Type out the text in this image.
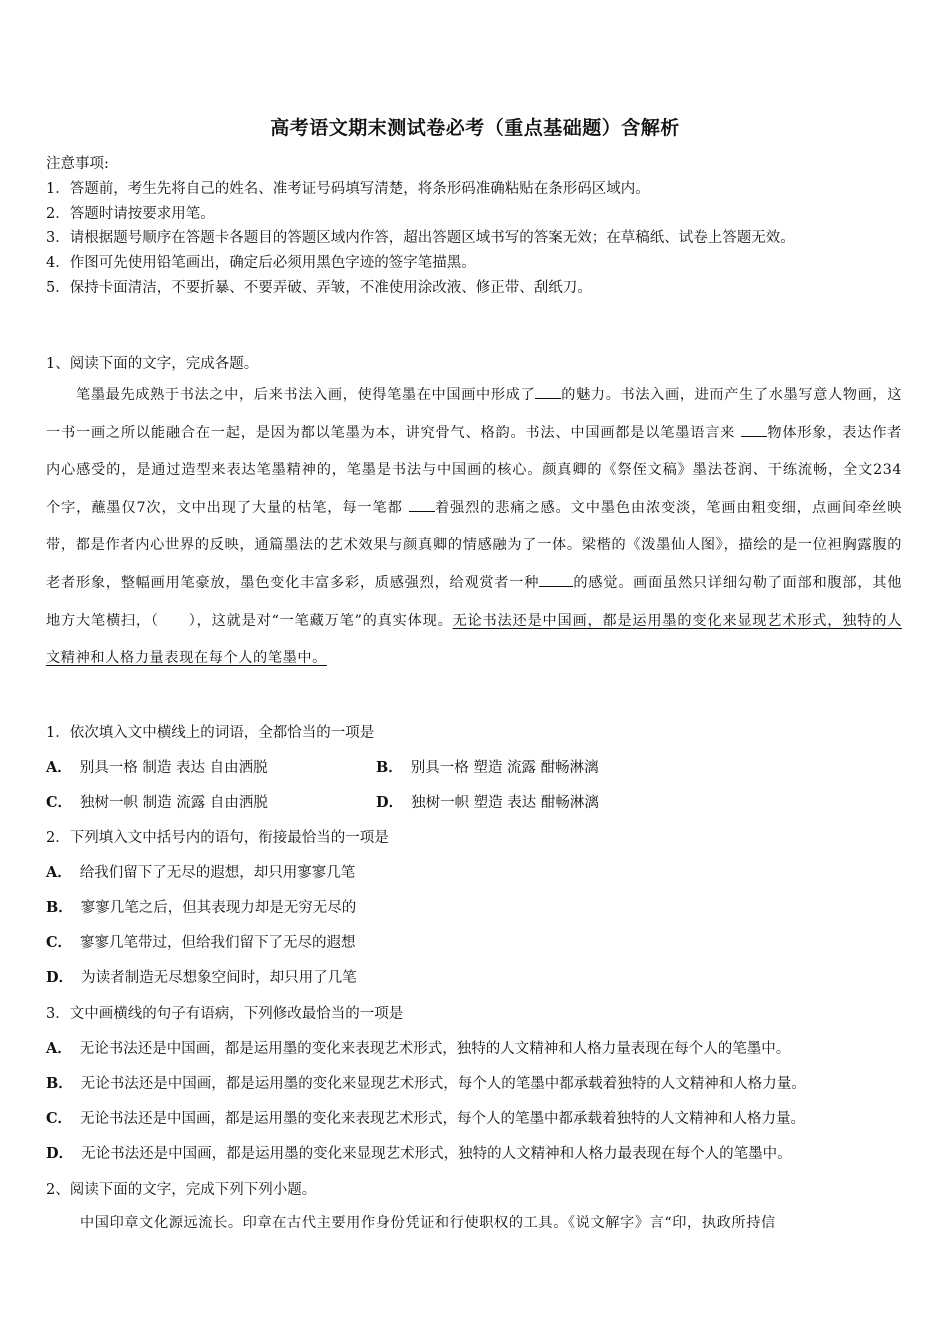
高考语文期末测试卷必考（重点基础题）含解析
注意事项:
1．答题前，考生先将自己的姓名、准考证号码填写清楚，将条形码准确粘贴在条形码区域内。
2．答题时请按要求用笔。
3．请根据题号顺序在答题卡各题目的答题区域内作答，超出答题区域书写的答案无效；在草稿纸、试卷上答题无效。
4．作图可先使用铅笔画出，确定后必须用黑色字迹的签字笔描黑。
5．保持卡面清洁，不要折暴、不要弄破、弄皱，不准使用涂改液、修正带、刮纸刀。
1、阅读下面的文字，完成各题。
笔墨最先成熟于书法之中，后来书法入画，使得笔墨在中国画中形成了 的魅力。书法入画，进而产生了水墨写意人物画，这一书一画之所以能融合在一起，是因为都以笔墨为本，讲究骨气、格韵。书法、中国画都是以笔墨语言来 物体形象，表达作者内心感受的，是通过造型来表达笔墨精神的，笔墨是书法与中国画的核心。颜真卿的《祭侄文稿》墨法苍润、干练流畅，全文234个字，蘸墨仅7次，文中出现了大量的枯笔，每一笔都 着强烈的悲痛之感。文中墨色由浓变淡，笔画由粗变细，点画间牵丝映带，都是作者内心世界的反映，通篇墨法的艺术效果与颜真卿的情感融为了一体。梁楷的《泼墨仙人图》，描绘的是一位袒胸露腹的老者形象，整幅画用笔豪放，墨色变化丰富多彩，质感强烈，给观赏者一种 的感觉。画面虽然只详细勾勒了面部和腹部，其他地方大笔横扫，（　　），这就是对“一笔藏万笔”的真实体现。无论书法还是中国画，都是运用墨的变化来显现艺术形式，独特的人文精神和人格力量表现在每个人的笔墨中。
1．依次填入文中横线上的词语，全都恰当的一项是
A． 别具一格 制造 表达 自由洒脱	B． 别具一格 塑造 流露 酣畅淋漓
C． 独树一帜 制造 流露 自由洒脱	D． 独树一帜 塑造 表达 酣畅淋漓
2．下列填入文中括号内的语句，衔接最恰当的一项是
A． 给我们留下了无尽的遐想，却只用寥寥几笔
B． 寥寥几笔之后，但其表现力却是无穷无尽的
C． 寥寥几笔带过，但给我们留下了无尽的遐想
D． 为读者制造无尽想象空间时，却只用了几笔
3．文中画横线的句子有语病，下列修改最恰当的一项是
A． 无论书法还是中国画，都是运用墨的变化来表现艺术形式，独特的人文精神和人格力量表现在每个人的笔墨中。
B． 无论书法还是中国画，都是运用墨的变化来显现艺术形式，每个人的笔墨中都承载着独特的人文精神和人格力量。
C． 无论书法还是中国画，都是运用墨的变化来表现艺术形式，每个人的笔墨中都承载着独特的人文精神和人格力量。
D． 无论书法还是中国画，都是运用墨的变化来显现艺术形式，独特的人文精神和人格力最表现在每个人的笔墨中。
2、阅读下面的文字，完成下列下列小题。
中国印章文化源远流长。印章在古代主要用作身份凭证和行使职权的工具。《说文解字》言“印，执政所持信
